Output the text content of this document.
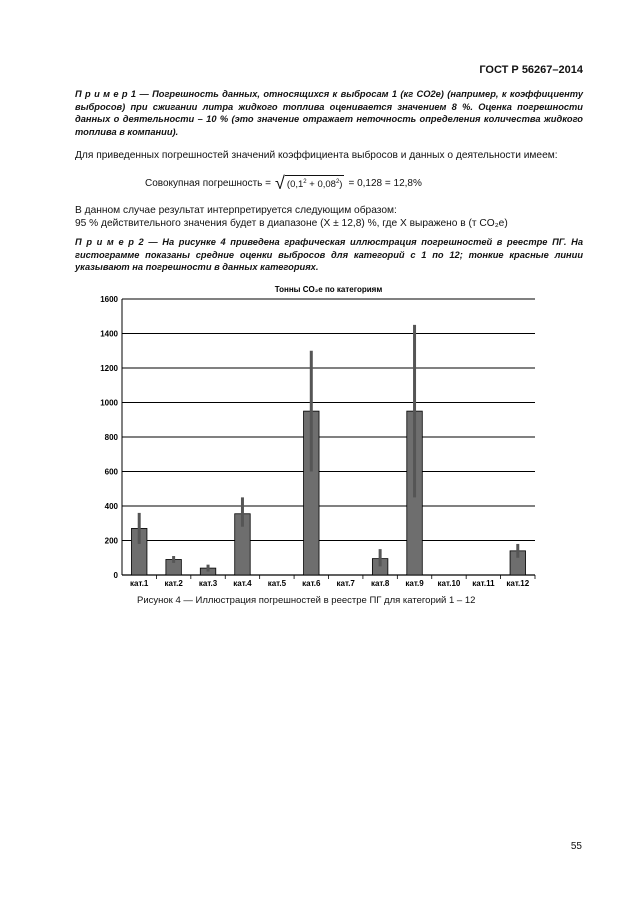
ГОСТ Р 56267–2014
П р и м е р 1 — Погрешность данных, относящихся к выбросам 1 (кг CO2e) (например, к коэффициенту выбросов) при сжигании литра жидкого топлива оценивается значением 8 %. Оценка погрешности данных о деятельности – 10 % (это значение отражает неточность определения количества жидкого топлива в компании).
Для приведенных погрешностей значений коэффициента выбросов и данных о деятельности имеем:
Совокупная погрешность = √ $(0,1^2 + 0,08^2) = 0,128 = 12,8\%$
В данном случае результат интерпретируется следующим образом:
95 % действительного значения будет в диапазоне (X ± 12,8) %, где X выражено в (т CO₂e)
П р и м е р 2 — На рисунке 4 приведена графическая иллюстрация погрешностей в реестре ПГ. На гистограмме показаны средние оценки выбросов для категорий с 1 по 12; тонкие красные линии указывают на погрешности в данных категориях.
Тонны CO₂e по категориям
0
200
400
600
800
1000
1200
1400
1600
кат.1 кат.2 кат.3 кат.4 кат.5 кат.6 кат.7 кат.8 кат.9 кат.10 кат.11 кат.12
Рисунок 4 — Иллюстрация погрешностей в реестре ПГ для категорий 1 – 12
55
